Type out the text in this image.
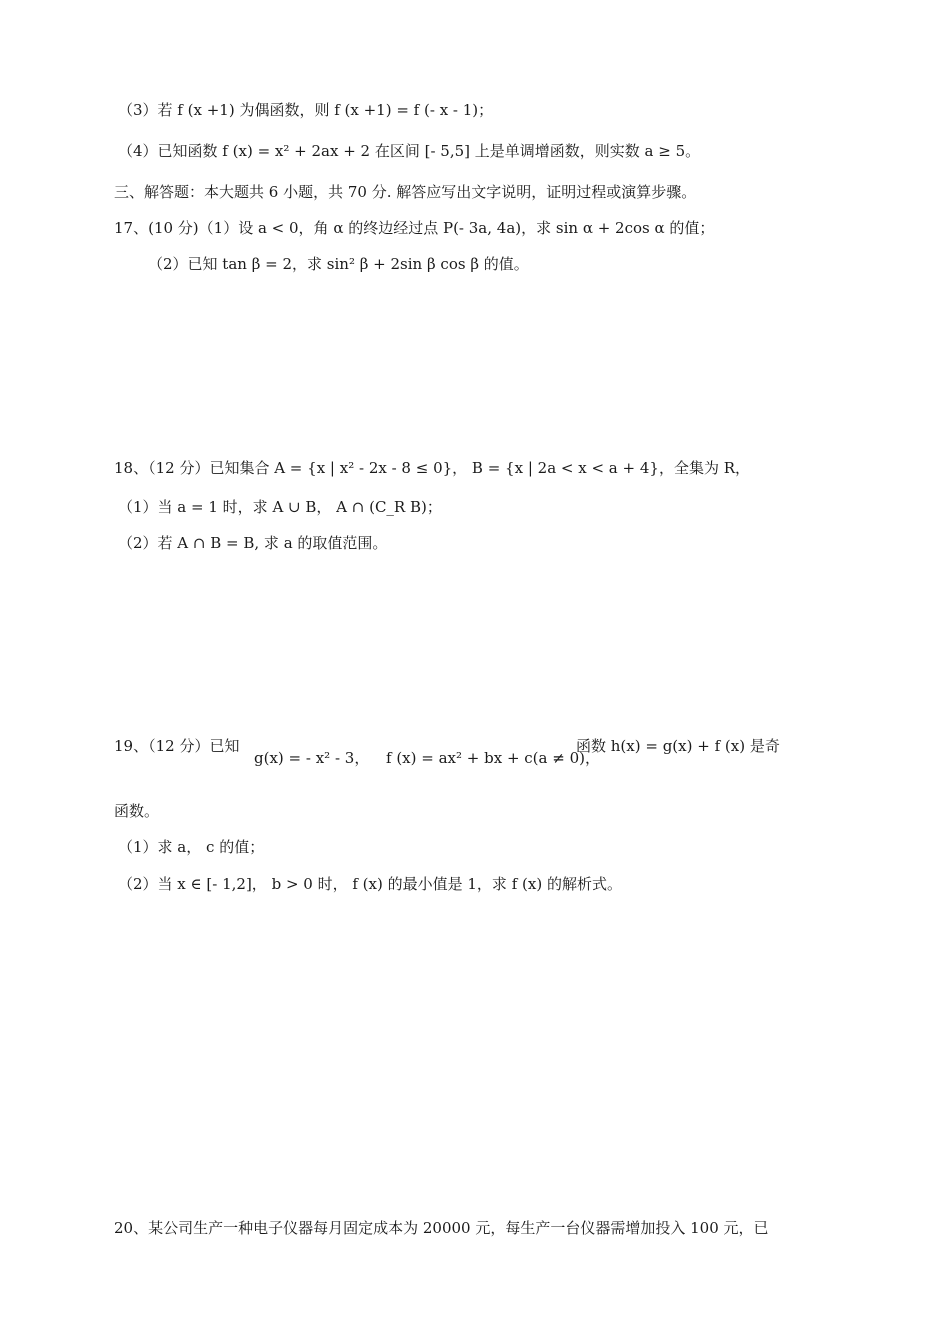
（3）若 f (x +1) 为偶函数，则 f (x +1) = f (- x - 1)；
（4）已知函数 f (x) = x² + 2ax + 2 在区间 [- 5,5] 上是单调增函数，则实数 a ≥ 5。
三、解答题：本大题共 6 小题，共 70 分. 解答应写出文字说明，证明过程或演算步骤。
17、(10 分)（1）设 a < 0，角 α 的终边经过点 P(- 3a, 4a)，求 sin α + 2cos α 的值；
（2）已知 tan β = 2，求 sin² β + 2sin β cos β 的值。
18、（12 分）已知集合 A = {x | x² - 2x - 8 ≤ 0}， B = {x | 2a < x < a + 4}，全集为 R，
（1）当 a = 1 时，求 A ∪ B， A ∩ (C_R B)；
（2）若 A ∩ B = B, 求 a 的取值范围。
19、（12 分）已知
g(x) = - x² - 3， f (x) = ax² + bx + c(a ≠ 0)，
函数 h(x) = g(x) + f (x) 是奇
函数。
（1）求 a， c 的值；
（2）当 x ∈ [- 1,2]， b > 0 时， f (x) 的最小值是 1，求 f (x) 的解析式。
20、某公司生产一种电子仪器每月固定成本为 20000 元，每生产一台仪器需增加投入 100 元，已
